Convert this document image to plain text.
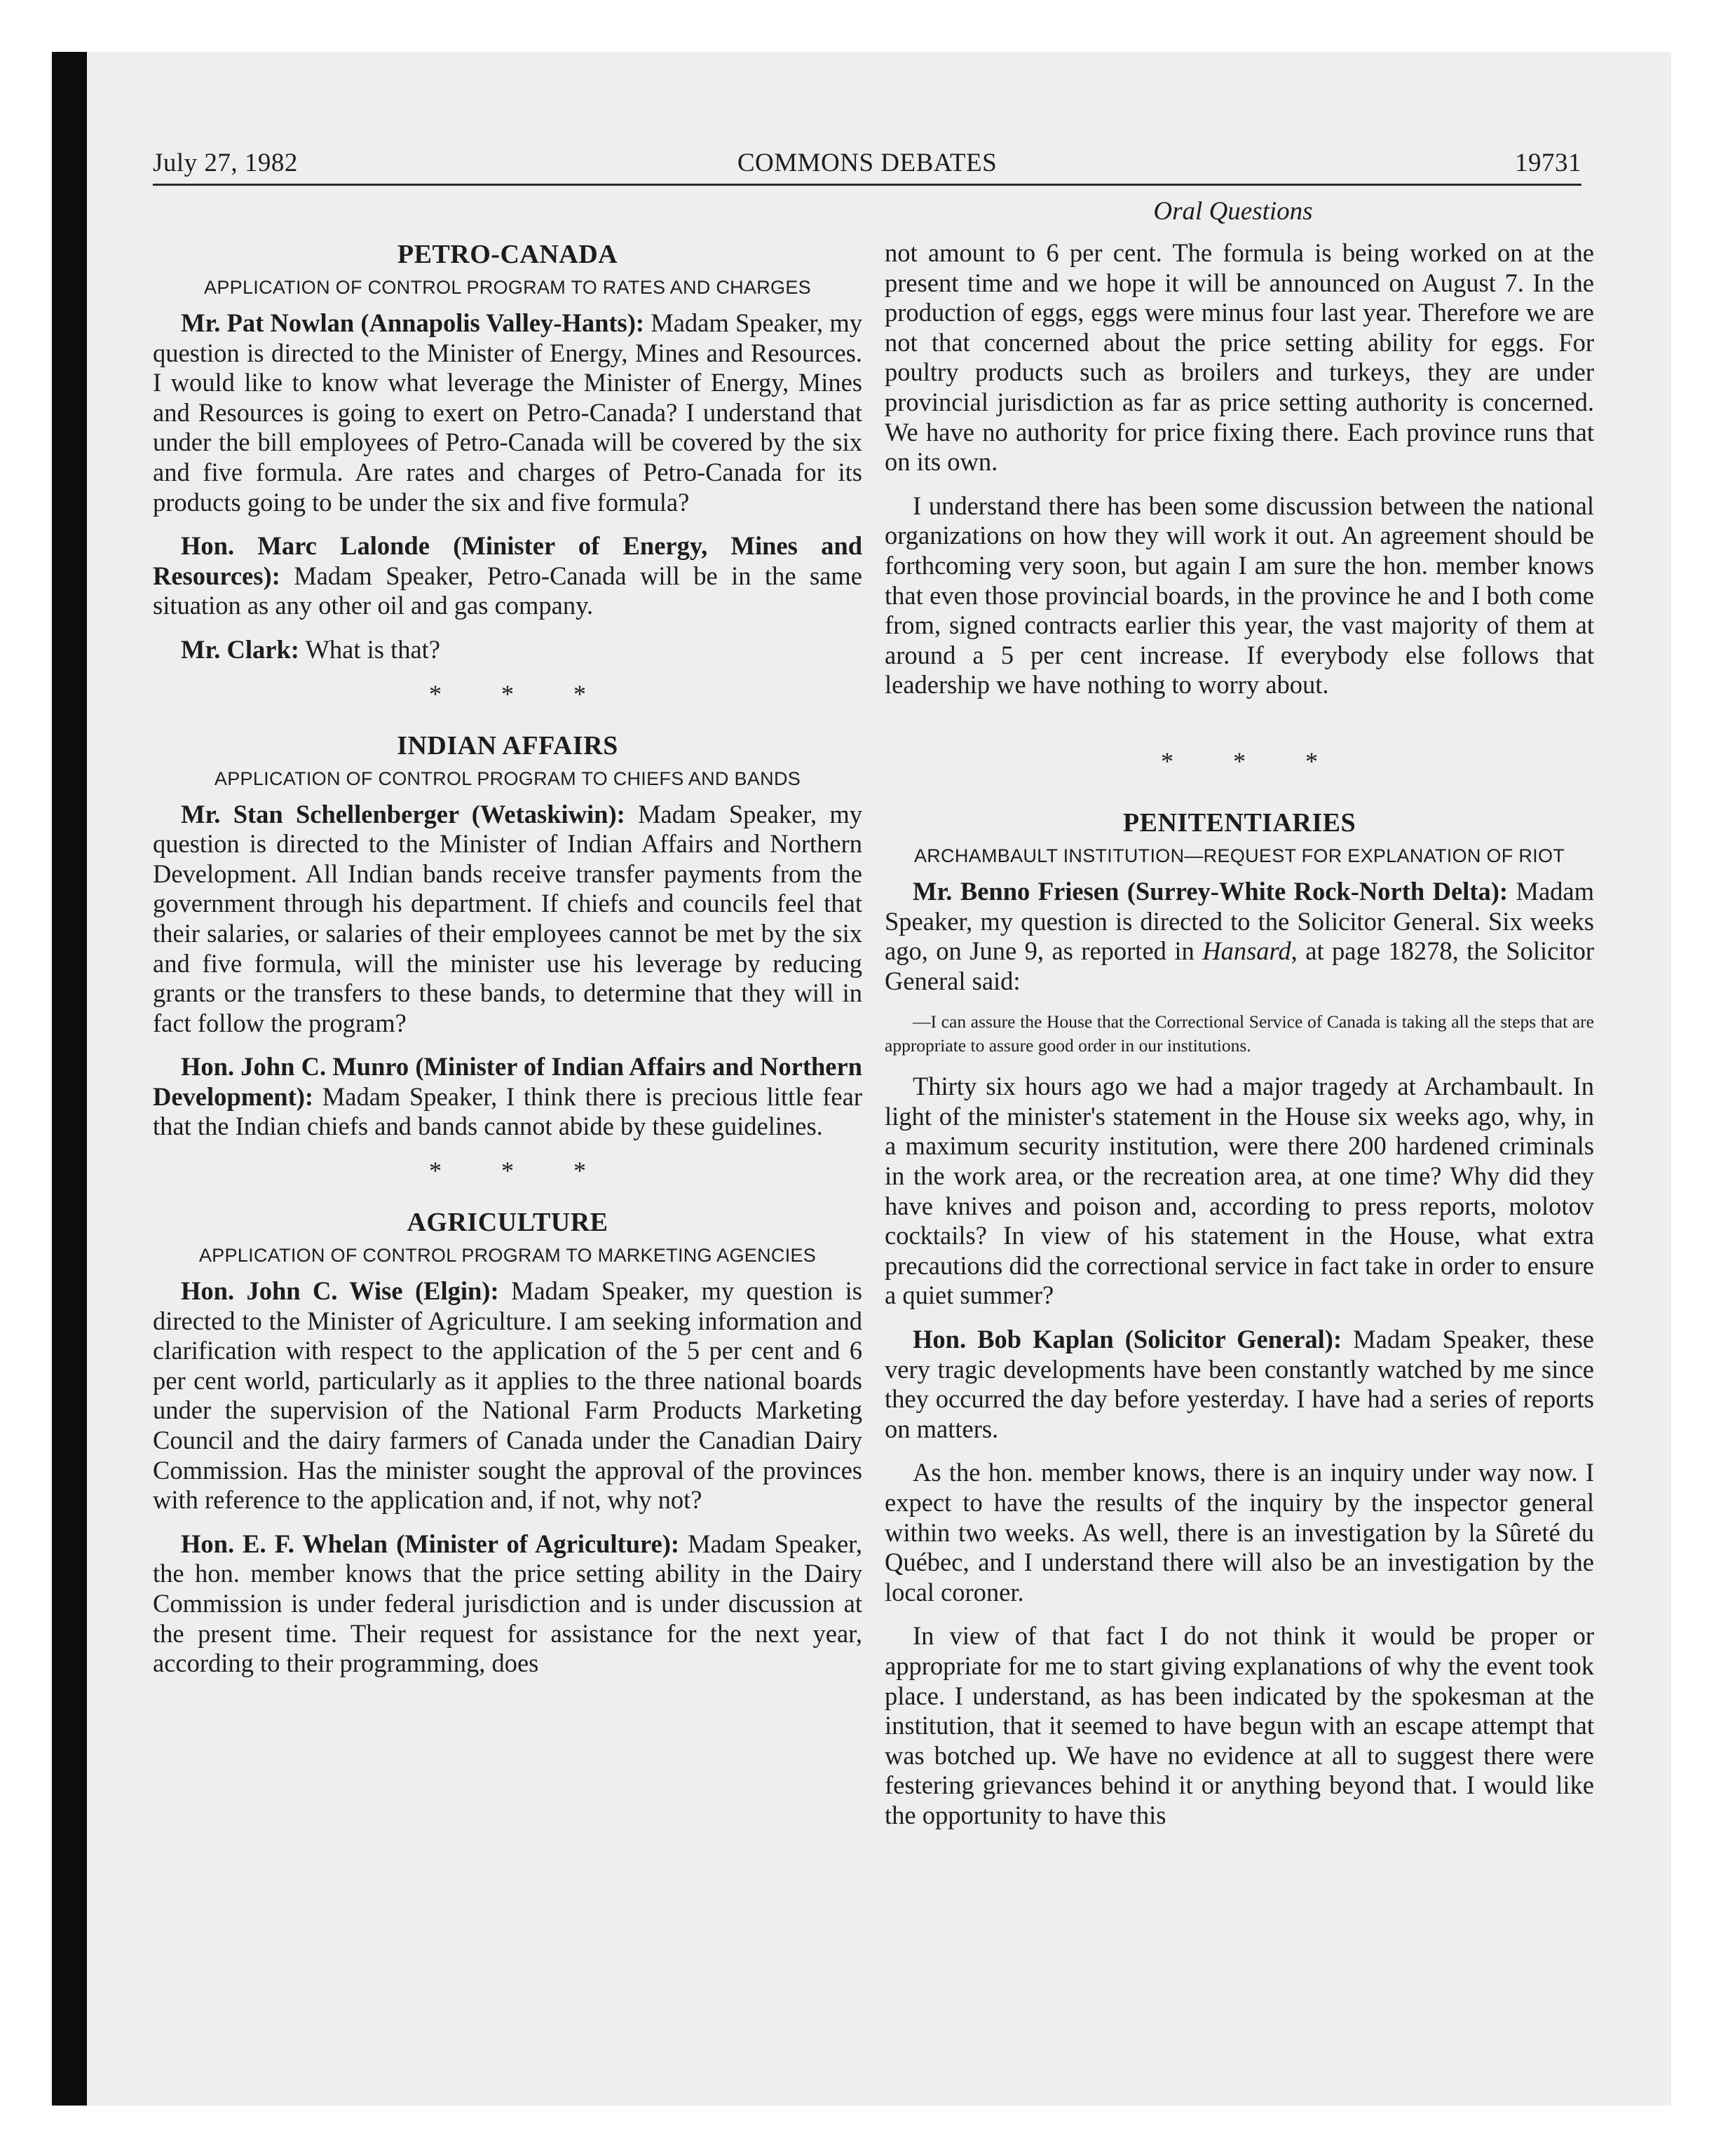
July 27, 1982	COMMONS DEBATES	19731
Oral Questions
PETRO-CANADA
APPLICATION OF CONTROL PROGRAM TO RATES AND CHARGES

Mr. Pat Nowlan (Annapolis Valley-Hants): Madam Speaker, my question is directed to the Minister of Energy, Mines and Resources. I would like to know what leverage the Minister of Energy, Mines and Resources is going to exert on Petro-Canada? I understand that under the bill employees of Petro-Canada will be covered by the six and five formula. Are rates and charges of Petro-Canada for its products going to be under the six and five formula?

Hon. Marc Lalonde (Minister of Energy, Mines and Resources): Madam Speaker, Petro-Canada will be in the same situation as any other oil and gas company.

Mr. Clark: What is that?

* * *
INDIAN AFFAIRS
APPLICATION OF CONTROL PROGRAM TO CHIEFS AND BANDS

Mr. Stan Schellenberger (Wetaskiwin): Madam Speaker, my question is directed to the Minister of Indian Affairs and Northern Development. All Indian bands receive transfer payments from the government through his department. If chiefs and councils feel that their salaries, or salaries of their employees cannot be met by the six and five formula, will the minister use his leverage by reducing grants or the transfers to these bands, to determine that they will in fact follow the program?

Hon. John C. Munro (Minister of Indian Affairs and Northern Development): Madam Speaker, I think there is precious little fear that the Indian chiefs and bands cannot abide by these guidelines.

* * *
AGRICULTURE
APPLICATION OF CONTROL PROGRAM TO MARKETING AGENCIES

Hon. John C. Wise (Elgin): Madam Speaker, my question is directed to the Minister of Agriculture. I am seeking information and clarification with respect to the application of the 5 per cent and 6 per cent world, particularly as it applies to the three national boards under the supervision of the National Farm Products Marketing Council and the dairy farmers of Canada under the Canadian Dairy Commission. Has the minister sought the approval of the provinces with reference to the application and, if not, why not?

Hon. E. F. Whelan (Minister of Agriculture): Madam Speaker, the hon. member knows that the price setting ability in the Dairy Commission is under federal jurisdiction and is under discussion at the present time. Their request for assistance for the next year, according to their programming, does

not amount to 6 per cent. The formula is being worked on at the present time and we hope it will be announced on August 7. In the production of eggs, eggs were minus four last year. Therefore we are not that concerned about the price setting ability for eggs. For poultry products such as broilers and turkeys, they are under provincial jurisdiction as far as price setting authority is concerned. We have no authority for price fixing there. Each province runs that on its own.

I understand there has been some discussion between the national organizations on how they will work it out. An agreement should be forthcoming very soon, but again I am sure the hon. member knows that even those provincial boards, in the province he and I both come from, signed contracts earlier this year, the vast majority of them at around a 5 per cent increase. If everybody else follows that leadership we have nothing to worry about.

* * *
PENITENTIARIES
ARCHAMBAULT INSTITUTION—REQUEST FOR EXPLANATION OF RIOT

Mr. Benno Friesen (Surrey-White Rock-North Delta): Madam Speaker, my question is directed to the Solicitor General. Six weeks ago, on June 9, as reported in Hansard, at page 18278, the Solicitor General said:

—I can assure the House that the Correctional Service of Canada is taking all the steps that are appropriate to assure good order in our institutions.

Thirty six hours ago we had a major tragedy at Archambault. In light of the minister's statement in the House six weeks ago, why, in a maximum security institution, were there 200 hardened criminals in the work area, or the recreation area, at one time? Why did they have knives and poison and, according to press reports, molotov cocktails? In view of his statement in the House, what extra precautions did the correctional service in fact take in order to ensure a quiet summer?

Hon. Bob Kaplan (Solicitor General): Madam Speaker, these very tragic developments have been constantly watched by me since they occurred the day before yesterday. I have had a series of reports on matters.

As the hon. member knows, there is an inquiry under way now. I expect to have the results of the inquiry by the inspector general within two weeks. As well, there is an investigation by la Sûreté du Québec, and I understand there will also be an investigation by the local coroner.

In view of that fact I do not think it would be proper or appropriate for me to start giving explanations of why the event took place. I understand, as has been indicated by the spokesman at the institution, that it seemed to have begun with an escape attempt that was botched up. We have no evidence at all to suggest there were festering grievances behind it or anything beyond that. I would like the opportunity to have this
